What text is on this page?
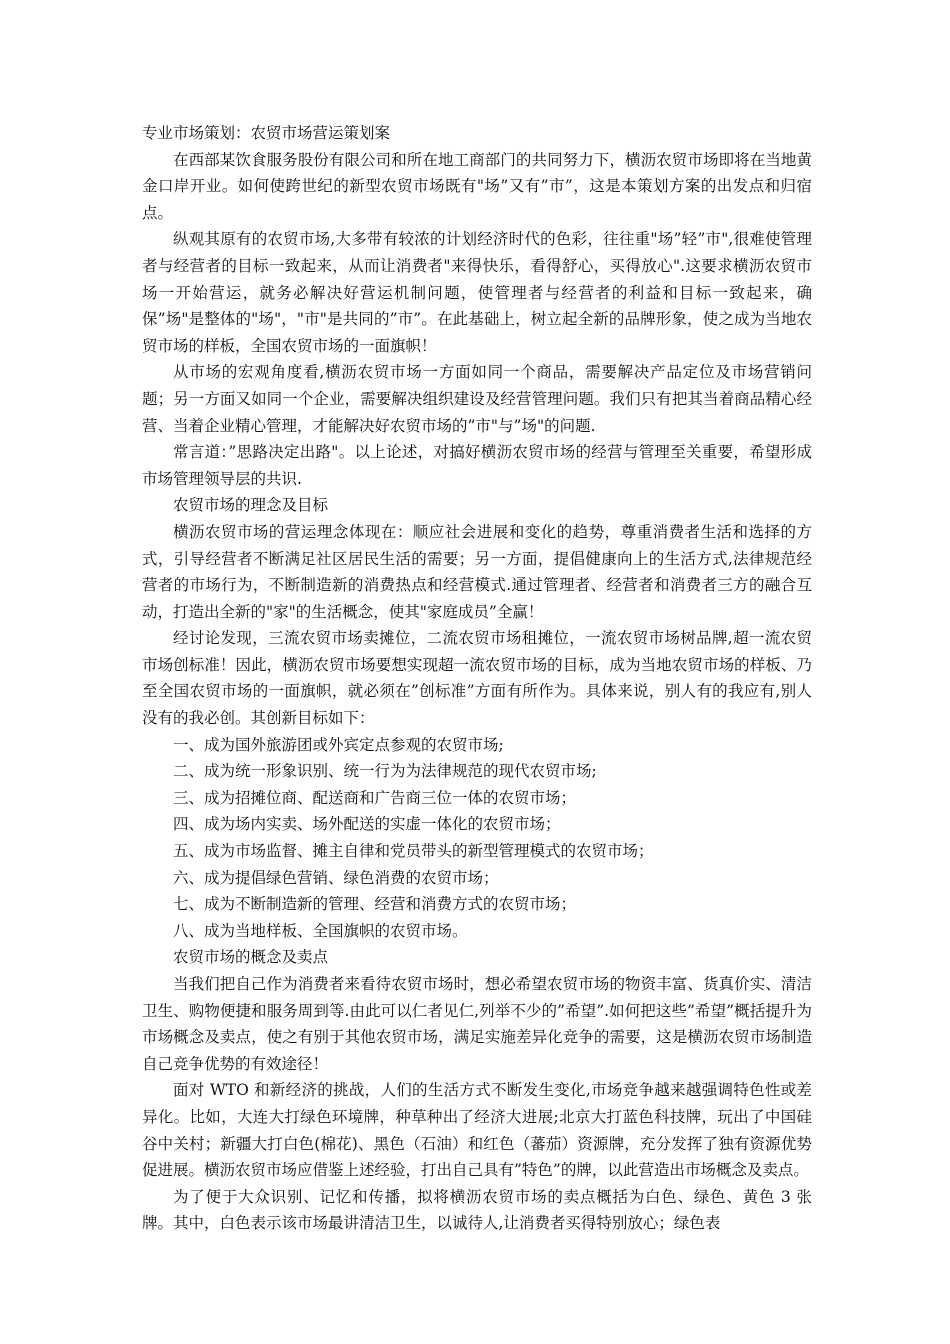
专业市场策划：农贸市场营运策划案

在西部某饮食服务股份有限公司和所在地工商部门的共同努力下，横沥农贸市场即将在当地黄金口岸开业。如何使跨世纪的新型农贸市场既有"场”又有”市”，这是本策划方案的出发点和归宿点。

纵观其原有的农贸市场,大多带有较浓的计划经济时代的色彩，往往重"场”轻”市",很难使管理者与经营者的目标一致起来，从而让消费者"来得快乐，看得舒心，买得放心".这要求横沥农贸市场一开始营运，就务必解决好营运机制问题，使管理者与经营者的利益和目标一致起来，确保”场"是整体的"场"，"市"是共同的”市”。在此基础上，树立起全新的品牌形象，使之成为当地农贸市场的样板，全国农贸市场的一面旗帜！

从市场的宏观角度看,横沥农贸市场一方面如同一个商品，需要解决产品定位及市场营销问题；另一方面又如同一个企业，需要解决组织建设及经营管理问题。我们只有把其当着商品精心经营、当着企业精心管理，才能解决好农贸市场的”市"与”场"的问题.

常言道：”思路决定出路"。以上论述，对搞好横沥农贸市场的经营与管理至关重要，希望形成市场管理领导层的共识.

农贸市场的理念及目标

横沥农贸市场的营运理念体现在：顺应社会进展和变化的趋势，尊重消费者生活和选择的方式，引导经营者不断满足社区居民生活的需要；另一方面，提倡健康向上的生活方式,法律规范经营者的市场行为，不断制造新的消费热点和经营模式.通过管理者、经营者和消费者三方的融合互动，打造出全新的"家"的生活概念，使其"家庭成员”全赢！

经讨论发现，三流农贸市场卖摊位，二流农贸市场租摊位，一流农贸市场树品牌,超一流农贸市场创标准！因此，横沥农贸市场要想实现超一流农贸市场的目标，成为当地农贸市场的样板、乃至全国农贸市场的一面旗帜，就必须在”创标准”方面有所作为。具体来说，别人有的我应有,别人没有的我必创。其创新目标如下：

一、成为国外旅游团或外宾定点参观的农贸市场;

二、成为统一形象识别、统一行为为法律规范的现代农贸市场;

三、成为招摊位商、配送商和广告商三位一体的农贸市场；

四、成为场内实卖、场外配送的实虚一体化的农贸市场；

五、成为市场监督、摊主自律和党员带头的新型管理模式的农贸市场；

六、成为提倡绿色营销、绿色消费的农贸市场；

七、成为不断制造新的管理、经营和消费方式的农贸市场；

八、成为当地样板、全国旗帜的农贸市场。

农贸市场的概念及卖点

当我们把自己作为消费者来看待农贸市场时，想必希望农贸市场的物资丰富、货真价实、清洁卫生、购物便捷和服务周到等.由此可以仁者见仁,列举不少的”希望”.如何把这些”希望”概括提升为市场概念及卖点，使之有别于其他农贸市场，满足实施差异化竞争的需要，这是横沥农贸市场制造自己竞争优势的有效途径！

面对 WTO 和新经济的挑战，人们的生活方式不断发生变化,市场竞争越来越强调特色性或差异化。比如，大连大打绿色环境牌，种草种出了经济大进展;北京大打蓝色科技牌，玩出了中国硅谷中关村；新疆大打白色(棉花)、黑色（石油）和红色（蕃茄）资源牌，充分发挥了独有资源优势促进展。横沥农贸市场应借鉴上述经验，打出自己具有”特色”的牌，以此营造出市场概念及卖点。

为了便于大众识别、记忆和传播，拟将横沥农贸市场的卖点概括为白色、绿色、黄色 3 张牌。其中，白色表示该市场最讲清洁卫生，以诚待人,让消费者买得特别放心；绿色表
